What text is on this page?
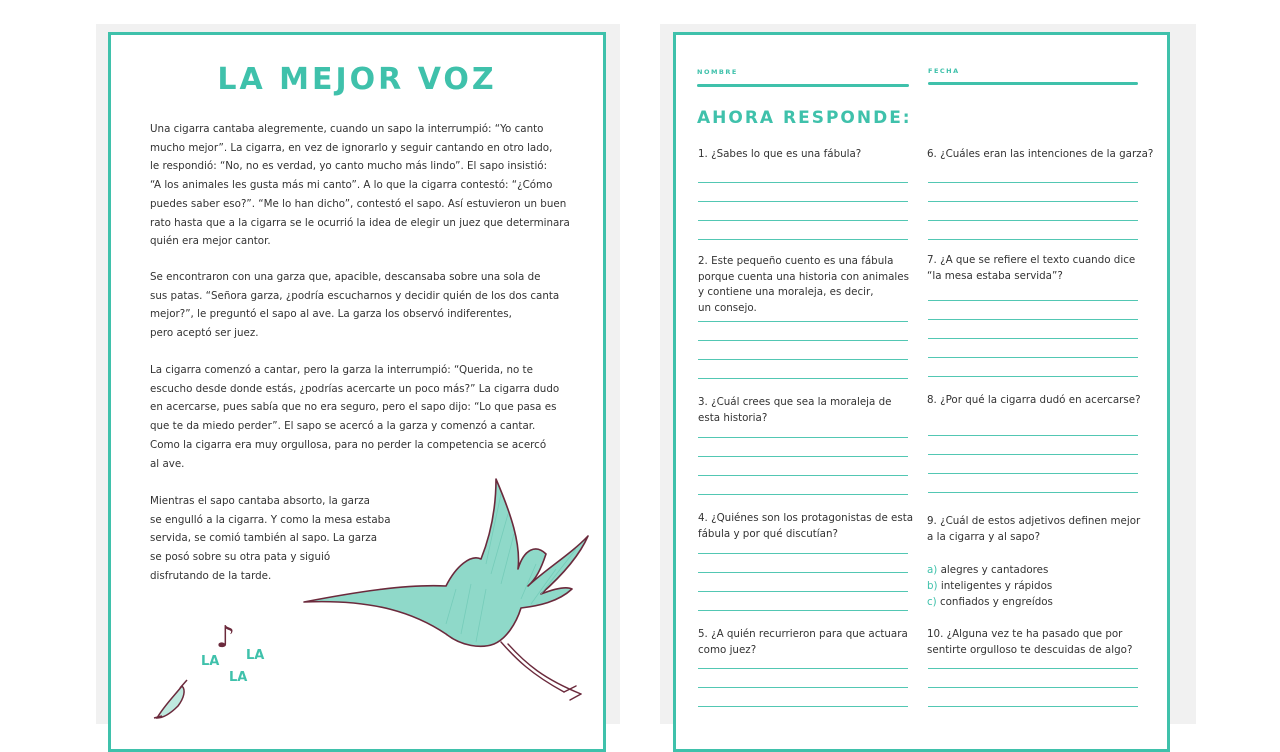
LA MEJOR VOZ
Una cigarra cantaba alegremente, cuando un sapo la interrumpió: “Yo canto
mucho mejor”. La cigarra, en vez de ignorarlo y seguir cantando en otro lado,
le respondió: “No, no es verdad, yo canto mucho más lindo”. El sapo insistió:
“A los animales les gusta más mi canto”. A lo que la cigarra contestó: “¿Cómo
puedes saber eso?”. “Me lo han dicho”, contestó el sapo. Así estuvieron un buen
rato hasta que a la cigarra se le ocurrió la idea de elegir un juez que determinara
quién era mejor cantor.
Se encontraron con una garza que, apacible, descansaba sobre una sola de
sus patas. “Señora garza, ¿podría escucharnos y decidir quién de los dos canta
mejor?”, le preguntó el sapo al ave. La garza los observó indiferentes,
pero aceptó ser juez.
La cigarra comenzó a cantar, pero la garza la interrumpió: “Querida, no te
escucho desde donde estás, ¿podrías acercarte un poco más?” La cigarra dudo
en acercarse, pues sabía que no era seguro, pero el sapo dijo: “Lo que pasa es
que te da miedo perder”. El sapo se acercó a la garza y comenzó a cantar.
Como la cigarra era muy orgullosa, para no perder la competencia se acercó
al ave.
Mientras el sapo cantaba absorto, la garza
se engulló a la cigarra. Y como la mesa estaba
servida, se comió también al sapo. La garza
se posó sobre su otra pata y siguió
disfrutando de la tarde.
LA LA
LA
♪
NOMBRE	FECHA
AHORA RESPONDE:
1. ¿Sabes lo que es una fábula?
2. Este pequeño cuento es una fábula
porque cuenta una historia con animales
y contiene una moraleja, es decir,
un consejo.
3. ¿Cuál crees que sea la moraleja de
esta historia?
4. ¿Quiénes son los protagonistas de esta
fábula y por qué discutían?
5. ¿A quién recurrieron para que actuara
como juez?
6. ¿Cuáles eran las intenciones de la garza?
7. ¿A que se refiere el texto cuando dice
“la mesa estaba servida”?
8. ¿Por qué la cigarra dudó en acercarse?
9. ¿Cuál de estos adjetivos definen mejor
a la cigarra y al sapo?
10. ¿Alguna vez te ha pasado que por
sentirte orgulloso te descuidas de algo?
a) alegres y cantadores
b) inteligentes y rápidos
c) confiados y engreídos
